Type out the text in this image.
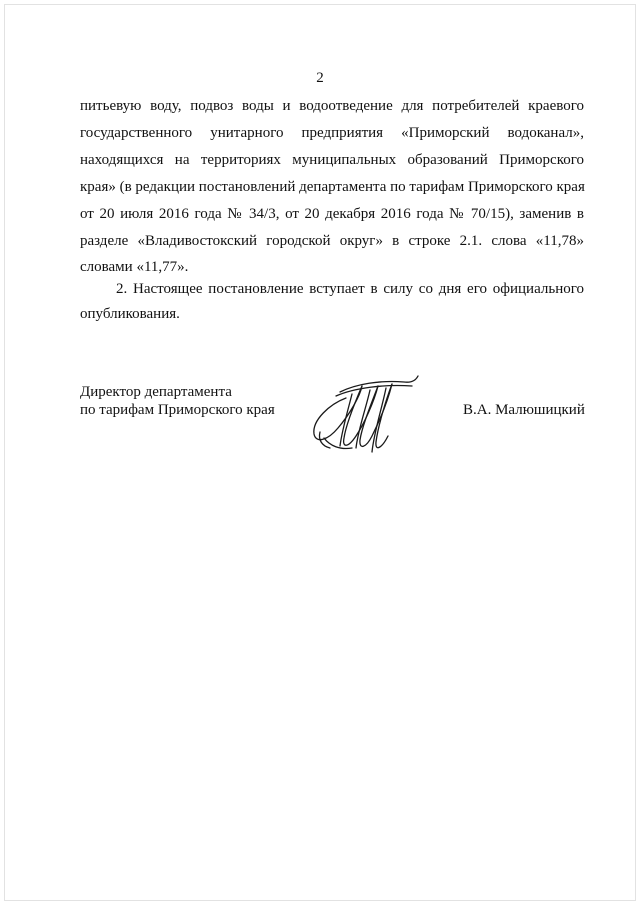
2
питьевую воду, подвоз воды и водоотведение для потребителей краевого
государственного унитарного предприятия «Приморский водоканал»,
находящихся на территориях муниципальных образований Приморского
края» (в редакции постановлений департамента по тарифам Приморского края
от 20 июля 2016 года № 34/3, от 20 декабря 2016 года № 70/15), заменив в
разделе «Владивостокский городской округ» в строке 2.1. слова «11,78»
словами «11,77».
2. Настоящее постановление вступает в силу со дня его официального
опубликования.
Директор департамента
по тарифам Приморского края	В.А. Малюшицкий
